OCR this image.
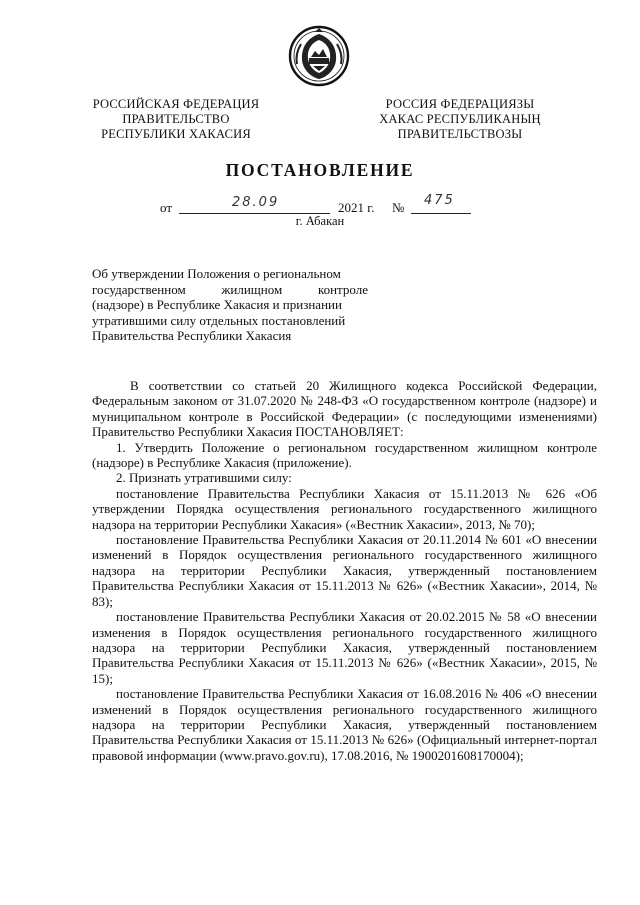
РОССИЙСКАЯ ФЕДЕРАЦИЯ
ПРАВИТЕЛЬСТВО
РЕСПУБЛИКИ ХАКАСИЯ
РОССИЯ ФЕДЕРАЦИЯЗЫ
ХАКАС РЕСПУБЛИКАНЫҢ
ПРАВИТЕЛЬСТВОЗЫ
ПОСТАНОВЛЕНИЕ
от	28.09	2021 г. № 475
г. Абакан
Об утверждении Положения о региональном
государственном	жилищном	контроле
(надзоре) в Республике Хакасия и признании
утратившими силу отдельных постановлений
Правительства Республики Хакасия

В соответствии со статьей 20 Жилищного кодекса Российской Федерации, Федеральным законом от 31.07.2020 № 248-ФЗ «О государственном контроле (надзоре) и муниципальном контроле в Российской Федерации» (с последующими изменениями) Правительство Республики Хакасия ПОСТАНОВЛЯЕТ:

1. Утвердить Положение о региональном государственном жилищном контроле (надзоре) в Республике Хакасия (приложение).

2. Признать утратившими силу:

постановление Правительства Республики Хакасия от 15.11.2013 № 626 «Об утверждении Порядка осуществления регионального государственного жилищного надзора на территории Республики Хакасия» («Вестник Хакасии», 2013, № 70);

постановление Правительства Республики Хакасия от 20.11.2014 № 601 «О внесении изменений в Порядок осуществления регионального государственного жилищного надзора на территории Республики Хакасия, утвержденный постановлением Правительства Республики Хакасия от 15.11.2013 № 626» («Вестник Хакасии», 2014, № 83);

постановление Правительства Республики Хакасия от 20.02.2015 № 58 «О внесении изменения в Порядок осуществления регионального государственного жилищного надзора на территории Республики Хакасия, утвержденный постановлением Правительства Республики Хакасия от 15.11.2013 № 626» («Вестник Хакасии», 2015, № 15);

постановление Правительства Республики Хакасия от 16.08.2016 № 406 «О внесении изменений в Порядок осуществления регионального государственного жилищного надзора на территории Республики Хакасия, утвержденный постановлением Правительства Республики Хакасия от 15.11.2013 № 626» (Официальный интернет-портал правовой информации (www.pravo.gov.ru), 17.08.2016, № 1900201608170004);
